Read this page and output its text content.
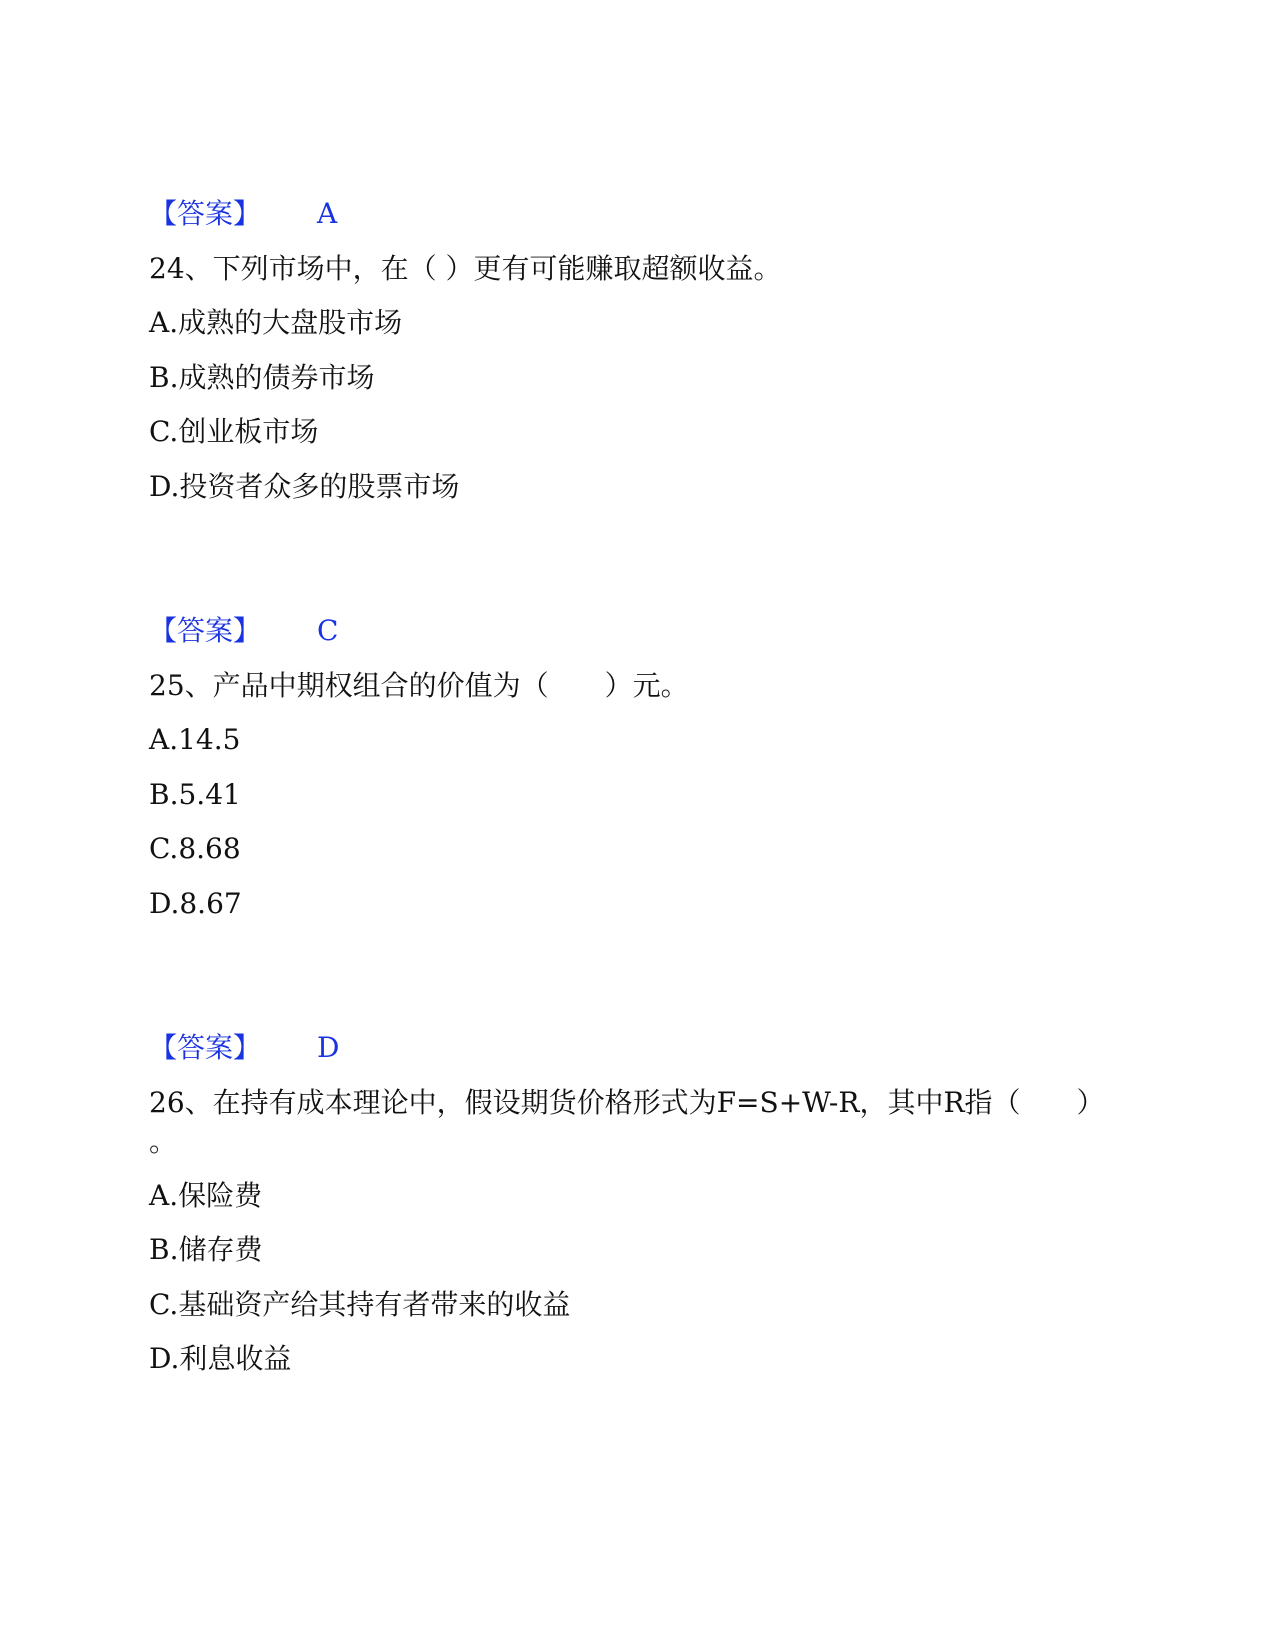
【答案】 A
24、下列市场中，在（ ）更有可能赚取超额收益。
A.成熟的大盘股市场
B.成熟的债券市场
C.创业板市场
D.投资者众多的股票市场
【答案】 C
25、产品中期权组合的价值为（　　）元。
A.14.5
B.5.41
C.8.68
D.8.67
【答案】 D
26、在持有成本理论中，假设期货价格形式为F=S+W-R，其中R指（　　）
。
A.保险费
B.储存费
C.基础资产给其持有者带来的收益
D.利息收益
